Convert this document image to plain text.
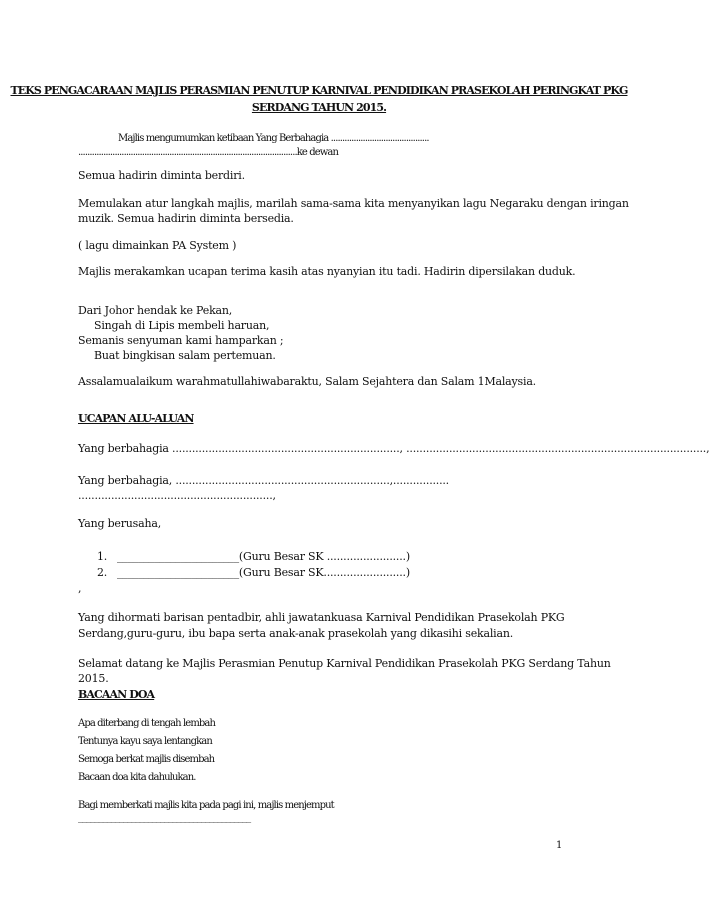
TEKS PENGACARAAN MAJLIS PERASMIAN PENUTUP KARNIVAL PENDIDIKAN PRASEKOLAH PERINGKAT PKG
SERDANG TAHUN 2015.
Majlis mengumumkan ketibaan Yang Berbahagia ...........................................
................................................................................................ke dewan
Semua hadirin diminta berdiri.
Memulakan atur langkah majlis, marilah sama-sama kita menyanyikan lagu Negaraku dengan iringan
muzik. Semua hadirin diminta bersedia.
( lagu dimainkan PA System )
Majlis merakamkan ucapan terima kasih atas nyanyian itu tadi. Hadirin dipersilakan duduk.
Dari Johor hendak ke Pekan,
Singah di Lipis membeli haruan,
Semanis senyuman kami hamparkan ;
Buat bingkisan salam pertemuan.
Assalamualaikum warahmatullahiwabaraktu, Salam Sejahtera dan Salam 1Malaysia.
UCAPAN ALU-ALUAN
Yang berbahagia ....................................................................., ...........................................................................................,
Yang berbahagia, .................................................................,.................
...........................................................,
Yang berusaha,
1. _______________________(Guru Besar SK ........................)
2. _______________________(Guru Besar SK.........................)
,
Yang dihormati barisan pentadbir, ahli jawatankuasa Karnival Pendidikan Prasekolah PKG
Serdang,guru-guru, ibu bapa serta anak-anak prasekolah yang dikasihi sekalian.
Selamat datang ke Majlis Perasmian Penutup Karnival Pendidikan Prasekolah PKG Serdang Tahun
2015.
BACAAN DOA
Apa diterbang di tengah lembah
Tentunya kayu saya lentangkan
Semoga berkat majlis disembah
Bacaan doa kita dahulukan.
Bagi memberkati majlis kita pada pagi ini, majlis menjemput
__________________________________________
1
